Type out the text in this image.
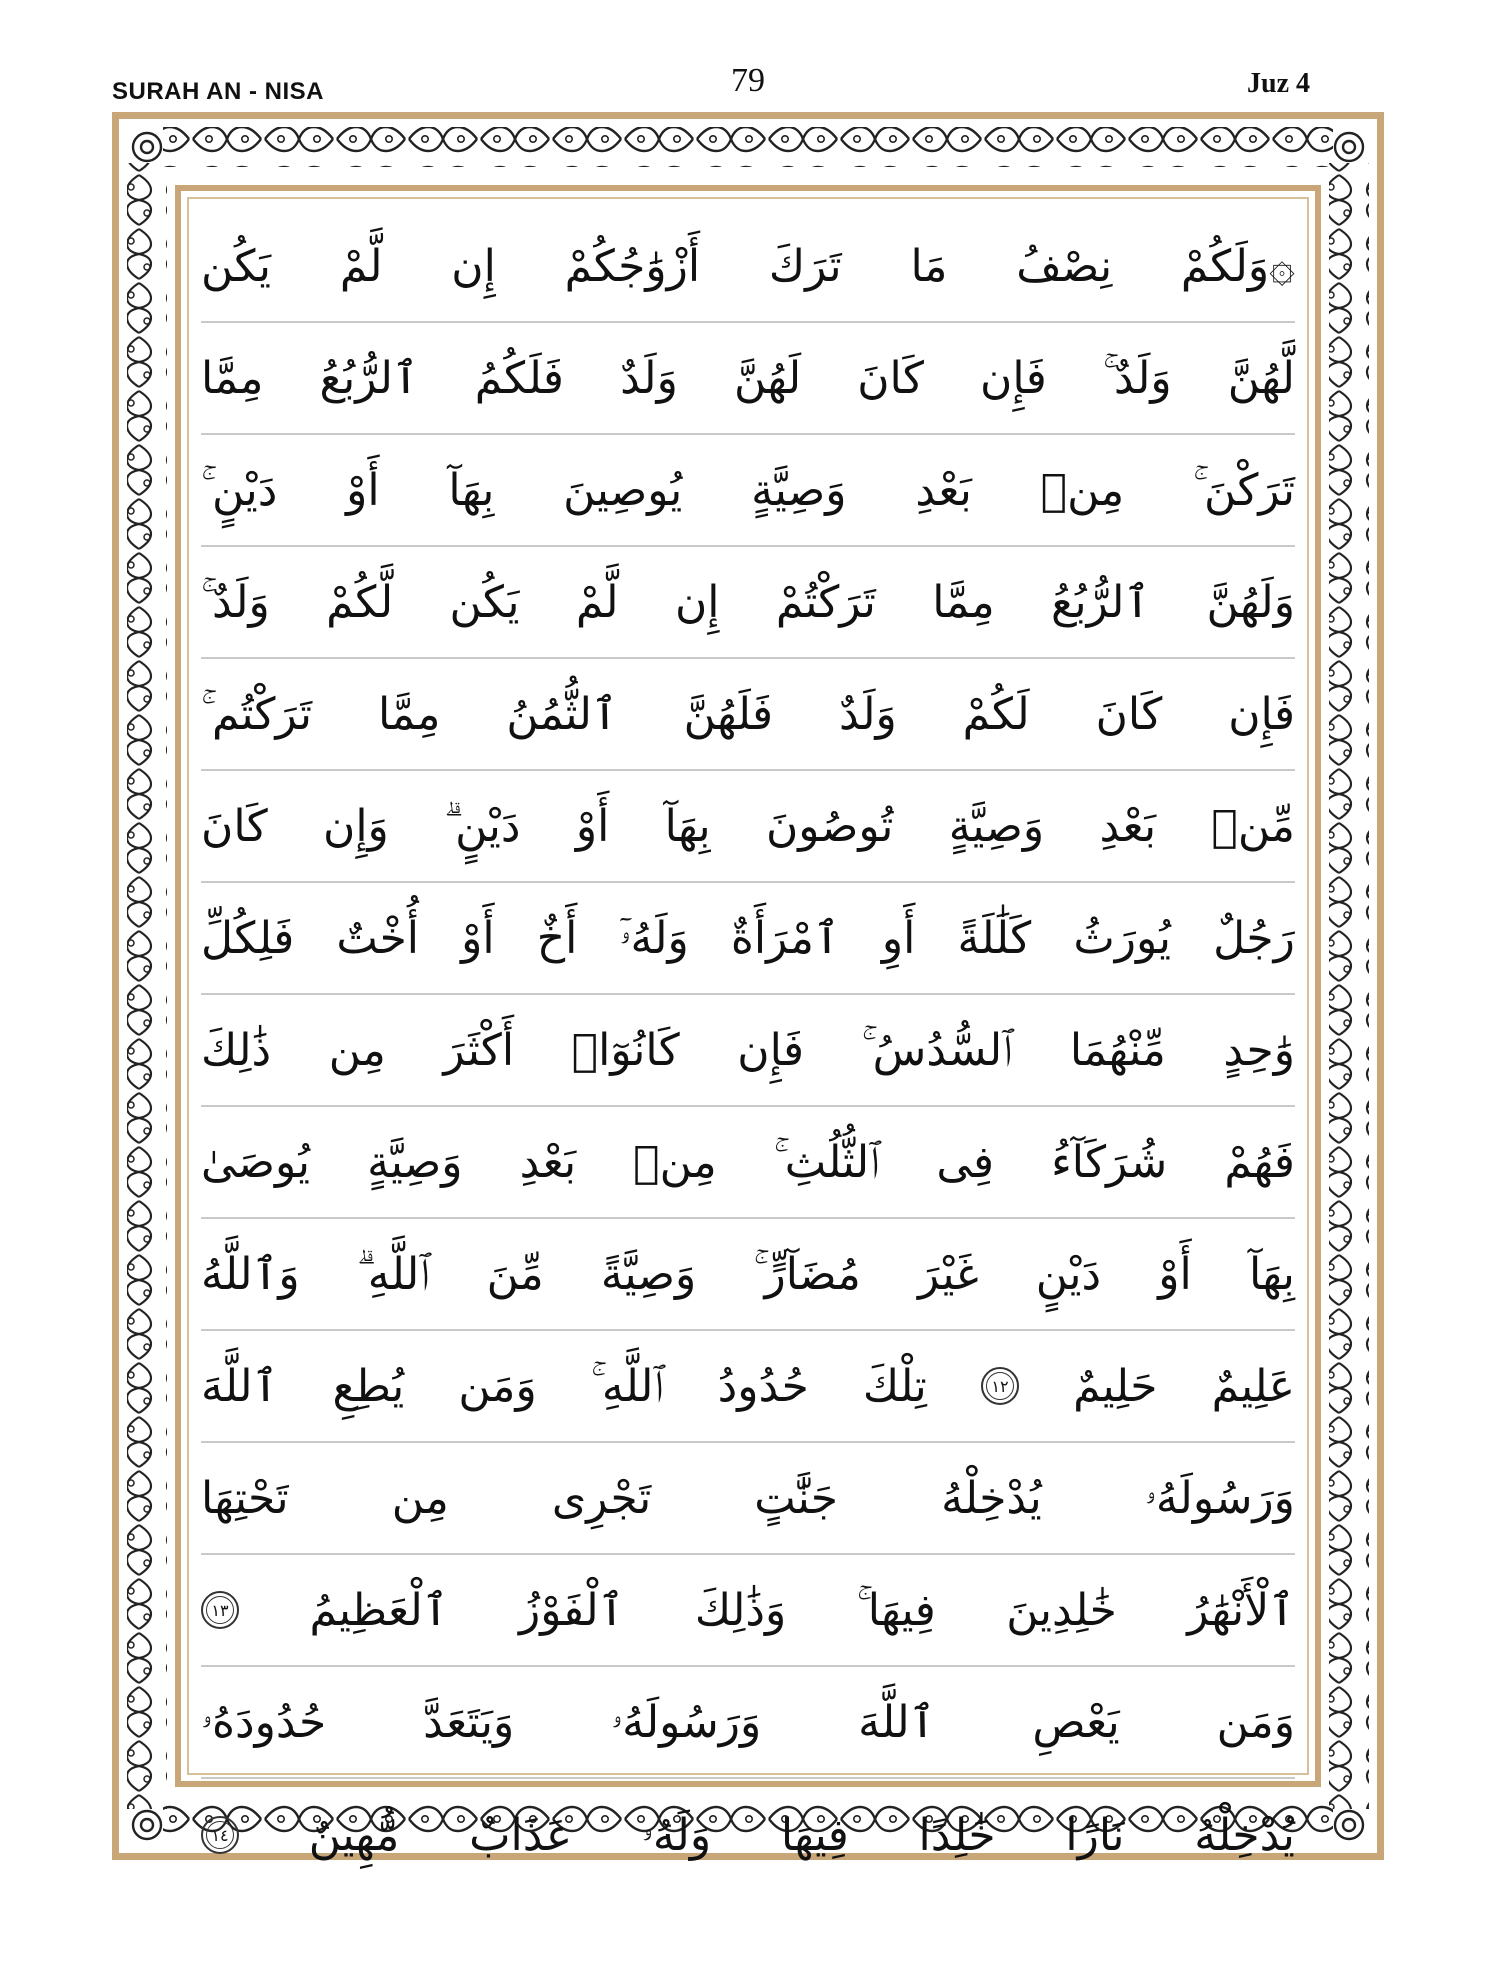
SURAH AN - NISA	79	Juz 4
۞وَلَكُمْ
نِصْفُ
مَا
تَرَكَ
أَزْوَٰجُكُمْ
إِن
لَّمْ
يَكُن
لَّهُنَّ
وَلَدٌ ۚ
فَإِن
كَانَ
لَهُنَّ
وَلَدٌ
فَلَكُمُ
ٱلرُّبُعُ
مِمَّا
تَرَكْنَ ۚ
مِنۢ
بَعْدِ
وَصِيَّةٍ
يُوصِينَ
بِهَآ
أَوْ
دَيْنٍ ۚ
وَلَهُنَّ
ٱلرُّبُعُ
مِمَّا
تَرَكْتُمْ
إِن
لَّمْ
يَكُن
لَّكُمْ
وَلَدٌ ۚ
فَإِن
كَانَ
لَكُمْ
وَلَدٌ
فَلَهُنَّ
ٱلثُّمُنُ
مِمَّا
تَرَكْتُم ۚ
مِّنۢ
بَعْدِ
وَصِيَّةٍ
تُوصُونَ
بِهَآ
أَوْ
دَيْنٍ ۗ
وَإِن
كَانَ
رَجُلٌ
يُورَثُ
كَلَٰلَةً
أَوِ
ٱمْرَأَةٌ
وَلَهُۥٓ
أَخٌ
أَوْ
أُخْتٌ
فَلِكُلِّ
وَٰحِدٍ
مِّنْهُمَا
ٱلسُّدُسُ ۚ
فَإِن
كَانُوٓا۟
أَكْثَرَ
مِن
ذَٰلِكَ
فَهُمْ
شُرَكَآءُ
فِى
ٱلثُّلُثِ ۚ
مِنۢ
بَعْدِ
وَصِيَّةٍ
يُوصَىٰ
بِهَآ
أَوْ
دَيْنٍ
غَيْرَ
مُضَآرٍّ ۚ
وَصِيَّةً
مِّنَ
ٱللَّهِ ۗ
وَٱللَّهُ
عَلِيمٌ
حَلِيمٌ
١٢
تِلْكَ
حُدُودُ
ٱللَّهِ ۚ
وَمَن
يُطِعِ
ٱللَّهَ
وَرَسُولَهُۥ
يُدْخِلْهُ
جَنَّٰتٍ
تَجْرِى
مِن
تَحْتِهَا
ٱلْأَنْهَٰرُ
خَٰلِدِينَ
فِيهَا ۚ
وَذَٰلِكَ
ٱلْفَوْزُ
ٱلْعَظِيمُ
١٣
وَمَن
يَعْصِ
ٱللَّهَ
وَرَسُولَهُۥ
وَيَتَعَدَّ
حُدُودَهُۥ
يُدْخِلْهُ
نَارًا
خَٰلِدًا
فِيهَا
وَلَهُۥ
عَذَابٌ
مُّهِينٌ
١٤
